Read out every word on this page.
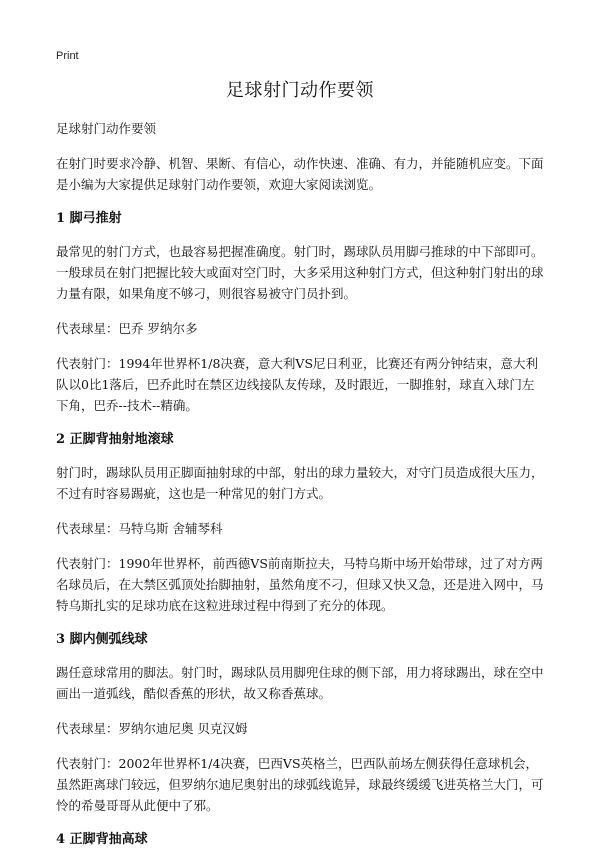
Print

足球射门动作要领

足球射门动作要领

在射门时要求冷静、机智、果断、有信心，动作快速、准确、有力，并能随机应变。下面是小编为大家提供足球射门动作要领，欢迎大家阅读浏览。

1 脚弓推射

最常见的射门方式，也最容易把握准确度。射门时，踢球队员用脚弓推球的中下部即可。一般球员在射门把握比较大或面对空门时，大多采用这种射门方式，但这种射门射出的球力量有限，如果角度不够刁，则很容易被守门员扑到。

代表球星：巴乔 罗纳尔多

代表射门：1994年世界杯1/8决赛，意大利VS尼日利亚，比赛还有两分钟结束，意大利队以0比1落后，巴乔此时在禁区边线接队友传球，及时跟近，一脚推射，球直入球门左下角，巴乔--技术--精确。

2 正脚背抽射地滚球

射门时，踢球队员用正脚面抽射球的中部，射出的球力量较大，对守门员造成很大压力，不过有时容易踢疵，这也是一种常见的射门方式。

代表球星：马特乌斯 舍辅琴科

代表射门：1990年世界杯，前西德VS前南斯拉夫，马特乌斯中场开始带球，过了对方两名球员后，在大禁区弧顶处抬脚抽射，虽然角度不刁，但球又快又急，还是进入网中，马特乌斯扎实的足球功底在这粒进球过程中得到了充分的体现。

3 脚内侧弧线球

踢任意球常用的脚法。射门时，踢球队员用脚兜住球的侧下部，用力将球踢出，球在空中画出一道弧线，酷似香蕉的形状，故又称香蕉球。

代表球星：罗纳尔迪尼奥 贝克汉姆

代表射门：2002年世界杯1/4决赛，巴西VS英格兰，巴西队前场左侧获得任意球机会，虽然距离球门较远，但罗纳尔迪尼奥射出的球弧线诡异，球最终缓缓飞进英格兰大门，可怜的希曼哥哥从此便中了邪。

4 正脚背抽高球
